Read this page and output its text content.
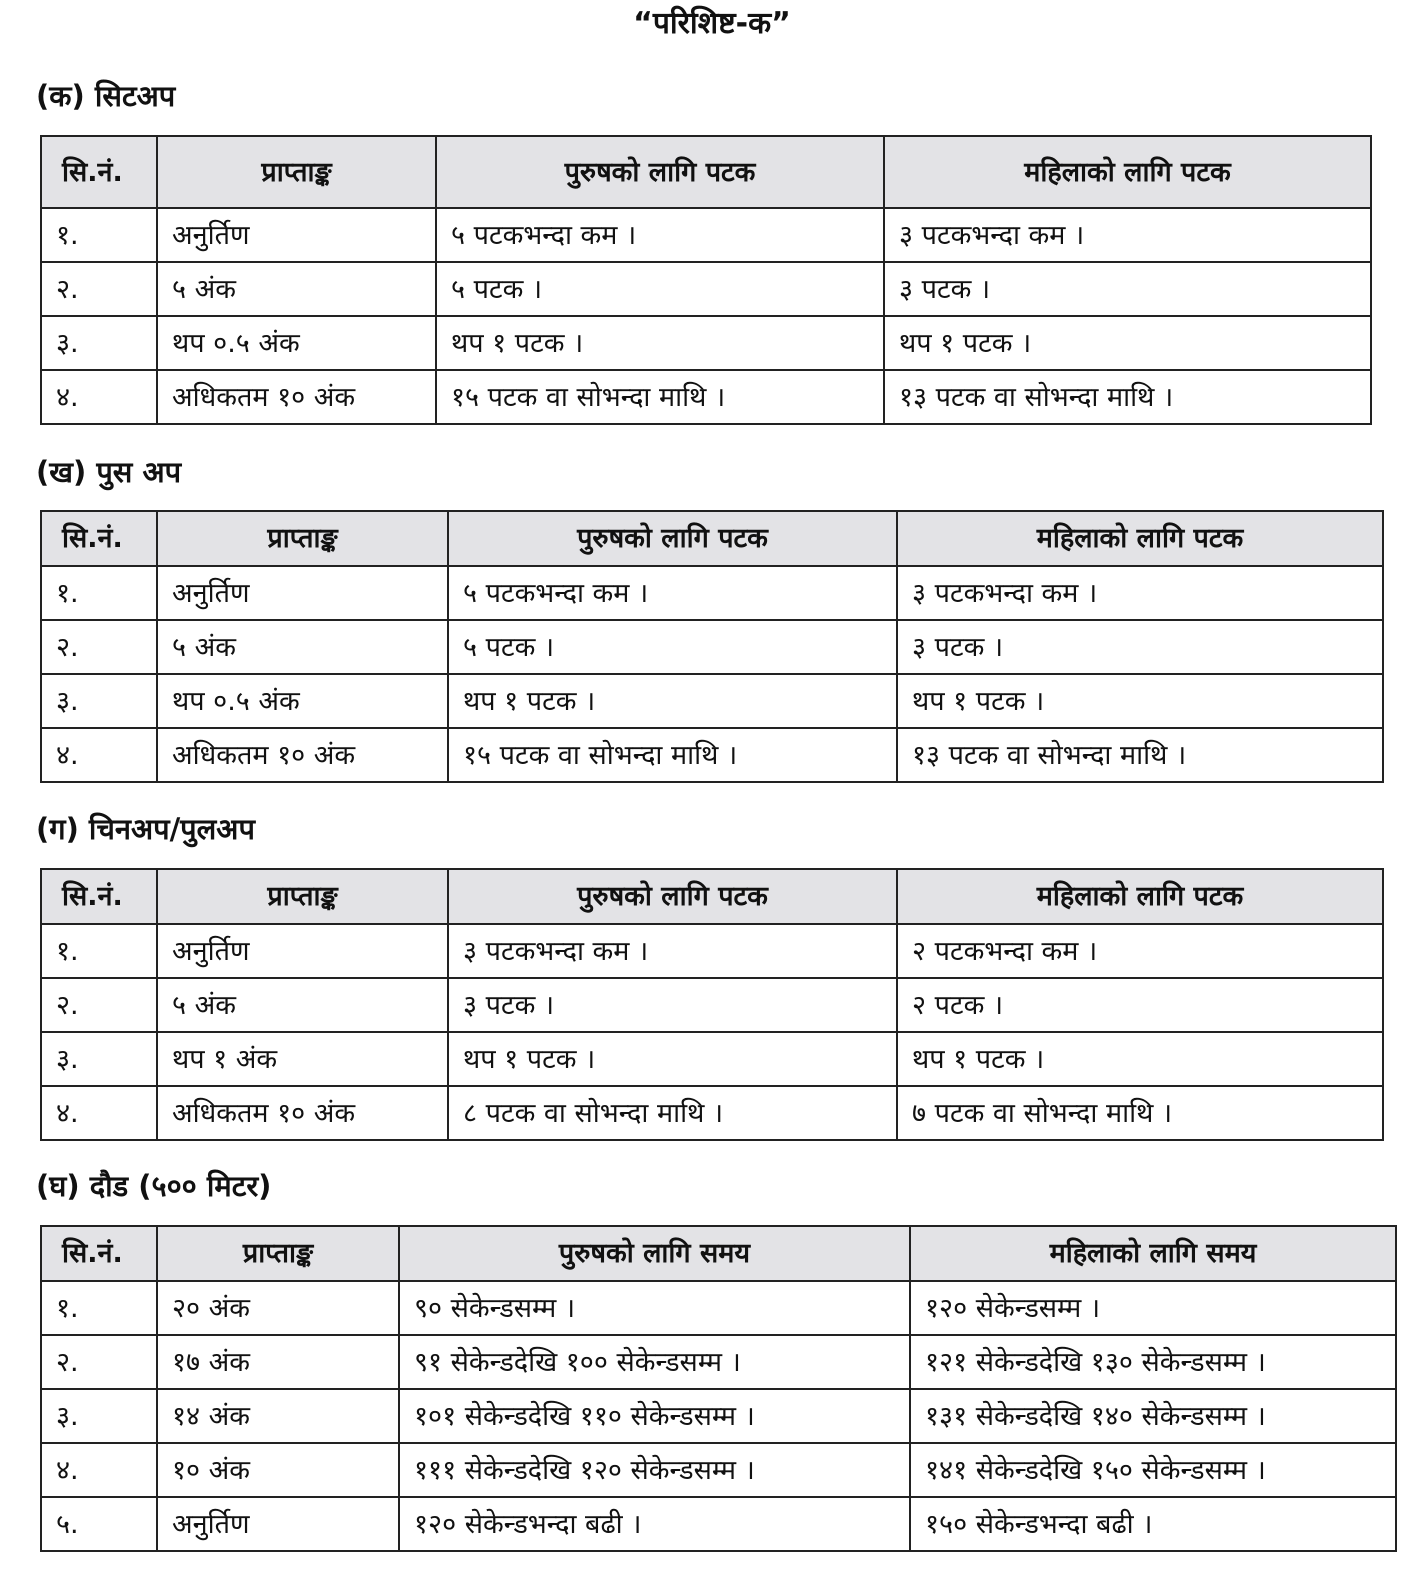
“परिशिष्ट-क”
(क) सिटअप
सि.नं.	प्राप्ताङ्क	पुरुषको लागि पटक	महिलाको लागि पटक
१.	अनुर्तिण	५ पटकभन्दा कम ।	३ पटकभन्दा कम ।
२.	५ अंक	५ पटक ।	३ पटक ।
३.	थप ०.५ अंक	थप १ पटक ।	थप १ पटक ।
४.	अधिकतम १० अंक	१५ पटक वा सोभन्दा माथि ।	१३ पटक वा सोभन्दा माथि ।
(ख) पुस अप
सि.नं.	प्राप्ताङ्क	पुरुषको लागि पटक	महिलाको लागि पटक
१.	अनुर्तिण	५ पटकभन्दा कम ।	३ पटकभन्दा कम ।
२.	५ अंक	५ पटक ।	३ पटक ।
३.	थप ०.५ अंक	थप १ पटक ।	थप १ पटक ।
४.	अधिकतम १० अंक	१५ पटक वा सोभन्दा माथि ।	१३ पटक वा सोभन्दा माथि ।
(ग) चिनअप/पुलअप
सि.नं.	प्राप्ताङ्क	पुरुषको लागि पटक	महिलाको लागि पटक
१.	अनुर्तिण	३ पटकभन्दा कम ।	२ पटकभन्दा कम ।
२.	५ अंक	३ पटक ।	२ पटक ।
३.	थप १ अंक	थप १ पटक ।	थप १ पटक ।
४.	अधिकतम १० अंक	८ पटक वा सोभन्दा माथि ।	७ पटक वा सोभन्दा माथि ।
(घ) दौड (५०० मिटर)
सि.नं.	प्राप्ताङ्क	पुरुषको लागि समय	महिलाको लागि समय
१.	२० अंक	९० सेकेन्डसम्म ।	१२० सेकेन्डसम्म ।
२.	१७ अंक	९१ सेकेन्डदेखि १०० सेकेन्डसम्म ।	१२१ सेकेन्डदेखि १३० सेकेन्डसम्म ।
३.	१४ अंक	१०१ सेकेन्डदेखि ११० सेकेन्डसम्म ।	१३१ सेकेन्डदेखि १४० सेकेन्डसम्म ।
४.	१० अंक	१११ सेकेन्डदेखि १२० सेकेन्डसम्म ।	१४१ सेकेन्डदेखि १५० सेकेन्डसम्म ।
५.	अनुर्तिण	१२० सेकेन्डभन्दा बढी ।	१५० सेकेन्डभन्दा बढी ।
